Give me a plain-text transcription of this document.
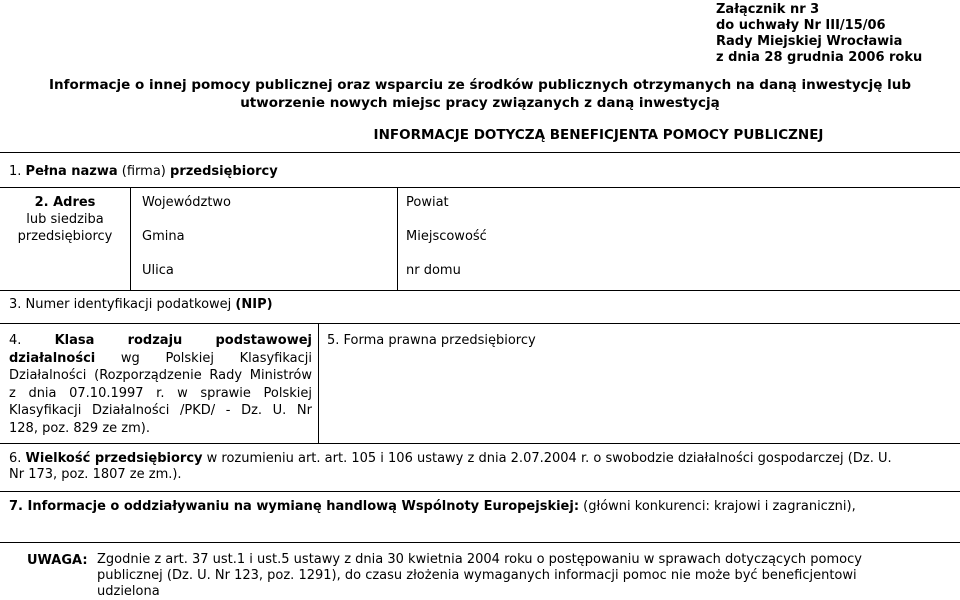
Załącznik nr 3
do uchwały Nr III/15/06
Rady Miejskiej Wrocławia
z dnia 28 grudnia 2006 roku
Informacje o innej pomocy publicznej oraz wsparciu ze środków publicznych otrzymanych na daną inwestycję lub
utworzenie nowych miejsc pracy związanych z daną inwestycją
INFORMACJE DOTYCZĄ BENEFICJENTA POMOCY PUBLICZNEJ
1. Pełna nazwa (firma) przedsiębiorcy
2. Adres
lub siedziba
przedsiębiorcy
Województwo	Powiat
Gmina	Miejscowość
Ulica	nr domu
3. Numer identyfikacji podatkowej (NIP)
4.	Klasa	rodzaju	podstawowej
działalności wg Polskiej Klasyfikacji
Działalności (Rozporządzenie Rady Ministrów
z dnia 07.10.1997 r. w sprawie Polskiej
Klasyfikacji Działalności /PKD/ - Dz. U. Nr
128, poz. 829 ze zm).
5. Forma prawna przedsiębiorcy
6. Wielkość przedsiębiorcy w rozumieniu art. art. 105 i 106 ustawy z dnia 2.07.2004 r. o swobodzie działalności gospodarczej (Dz. U.
Nr 173, poz. 1807 ze zm.).
7. Informacje o oddziaływaniu na wymianę handlową Wspólnoty Europejskiej: (główni konkurenci: krajowi i zagraniczni),
UWAGA: Zgodnie z art. 37 ust.1 i ust.5 ustawy z dnia 30 kwietnia 2004 roku o postępowaniu w sprawach dotyczących pomocy
publicznej (Dz. U. Nr 123, poz. 1291), do czasu złożenia wymaganych informacji pomoc nie może być beneficjentowi
udzielona
